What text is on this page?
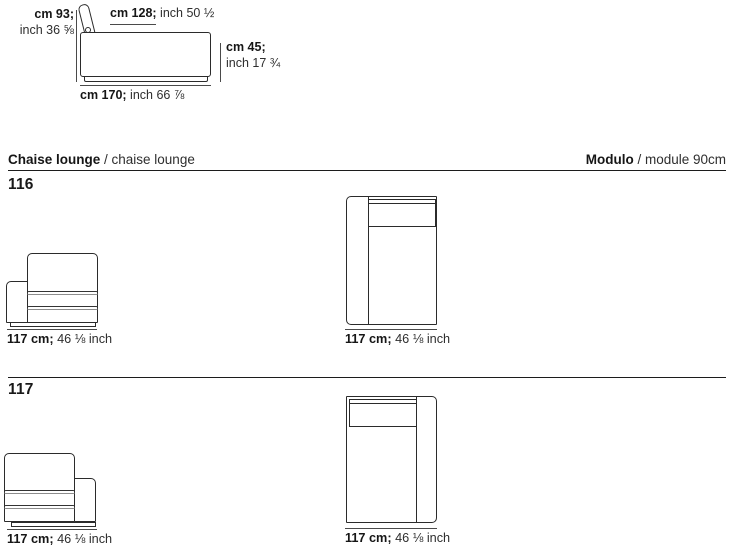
cm 93;
inch 36 ⅝
cm 128; inch 50 ½
cm 45;
inch 17 ¾
cm 170; inch 66 ⅞
Chaise lounge / chaise lounge	Modulo / module 90cm
116
117 cm; 46 ⅛ inch	117 cm; 46 ⅛ inch
117
117 cm; 46 ⅛ inch	117 cm; 46 ⅛ inch
